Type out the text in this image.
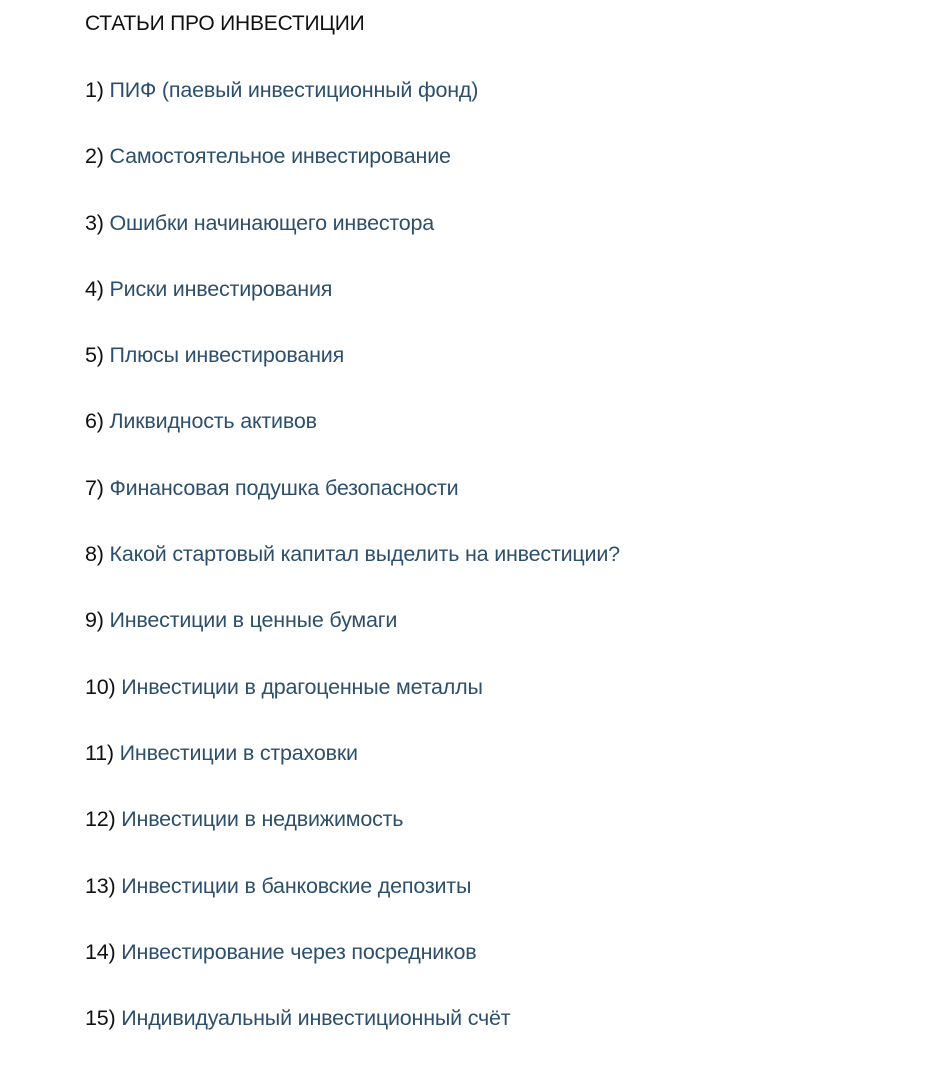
СТАТЬИ ПРО ИНВЕСТИЦИИ
1) ПИФ (паевый инвестиционный фонд)
2) Самостоятельное инвестирование
3) Ошибки начинающего инвестора
4) Риски инвестирования
5) Плюсы инвестирования
6) Ликвидность активов
7) Финансовая подушка безопасности
8) Какой стартовый капитал выделить на инвестиции?
9) Инвестиции в ценные бумаги
10) Инвестиции в драгоценные металлы
11) Инвестиции в страховки
12) Инвестиции в недвижимость
13) Инвестиции в банковские депозиты
14) Инвестирование через посредников
15) Индивидуальный инвестиционный счёт
